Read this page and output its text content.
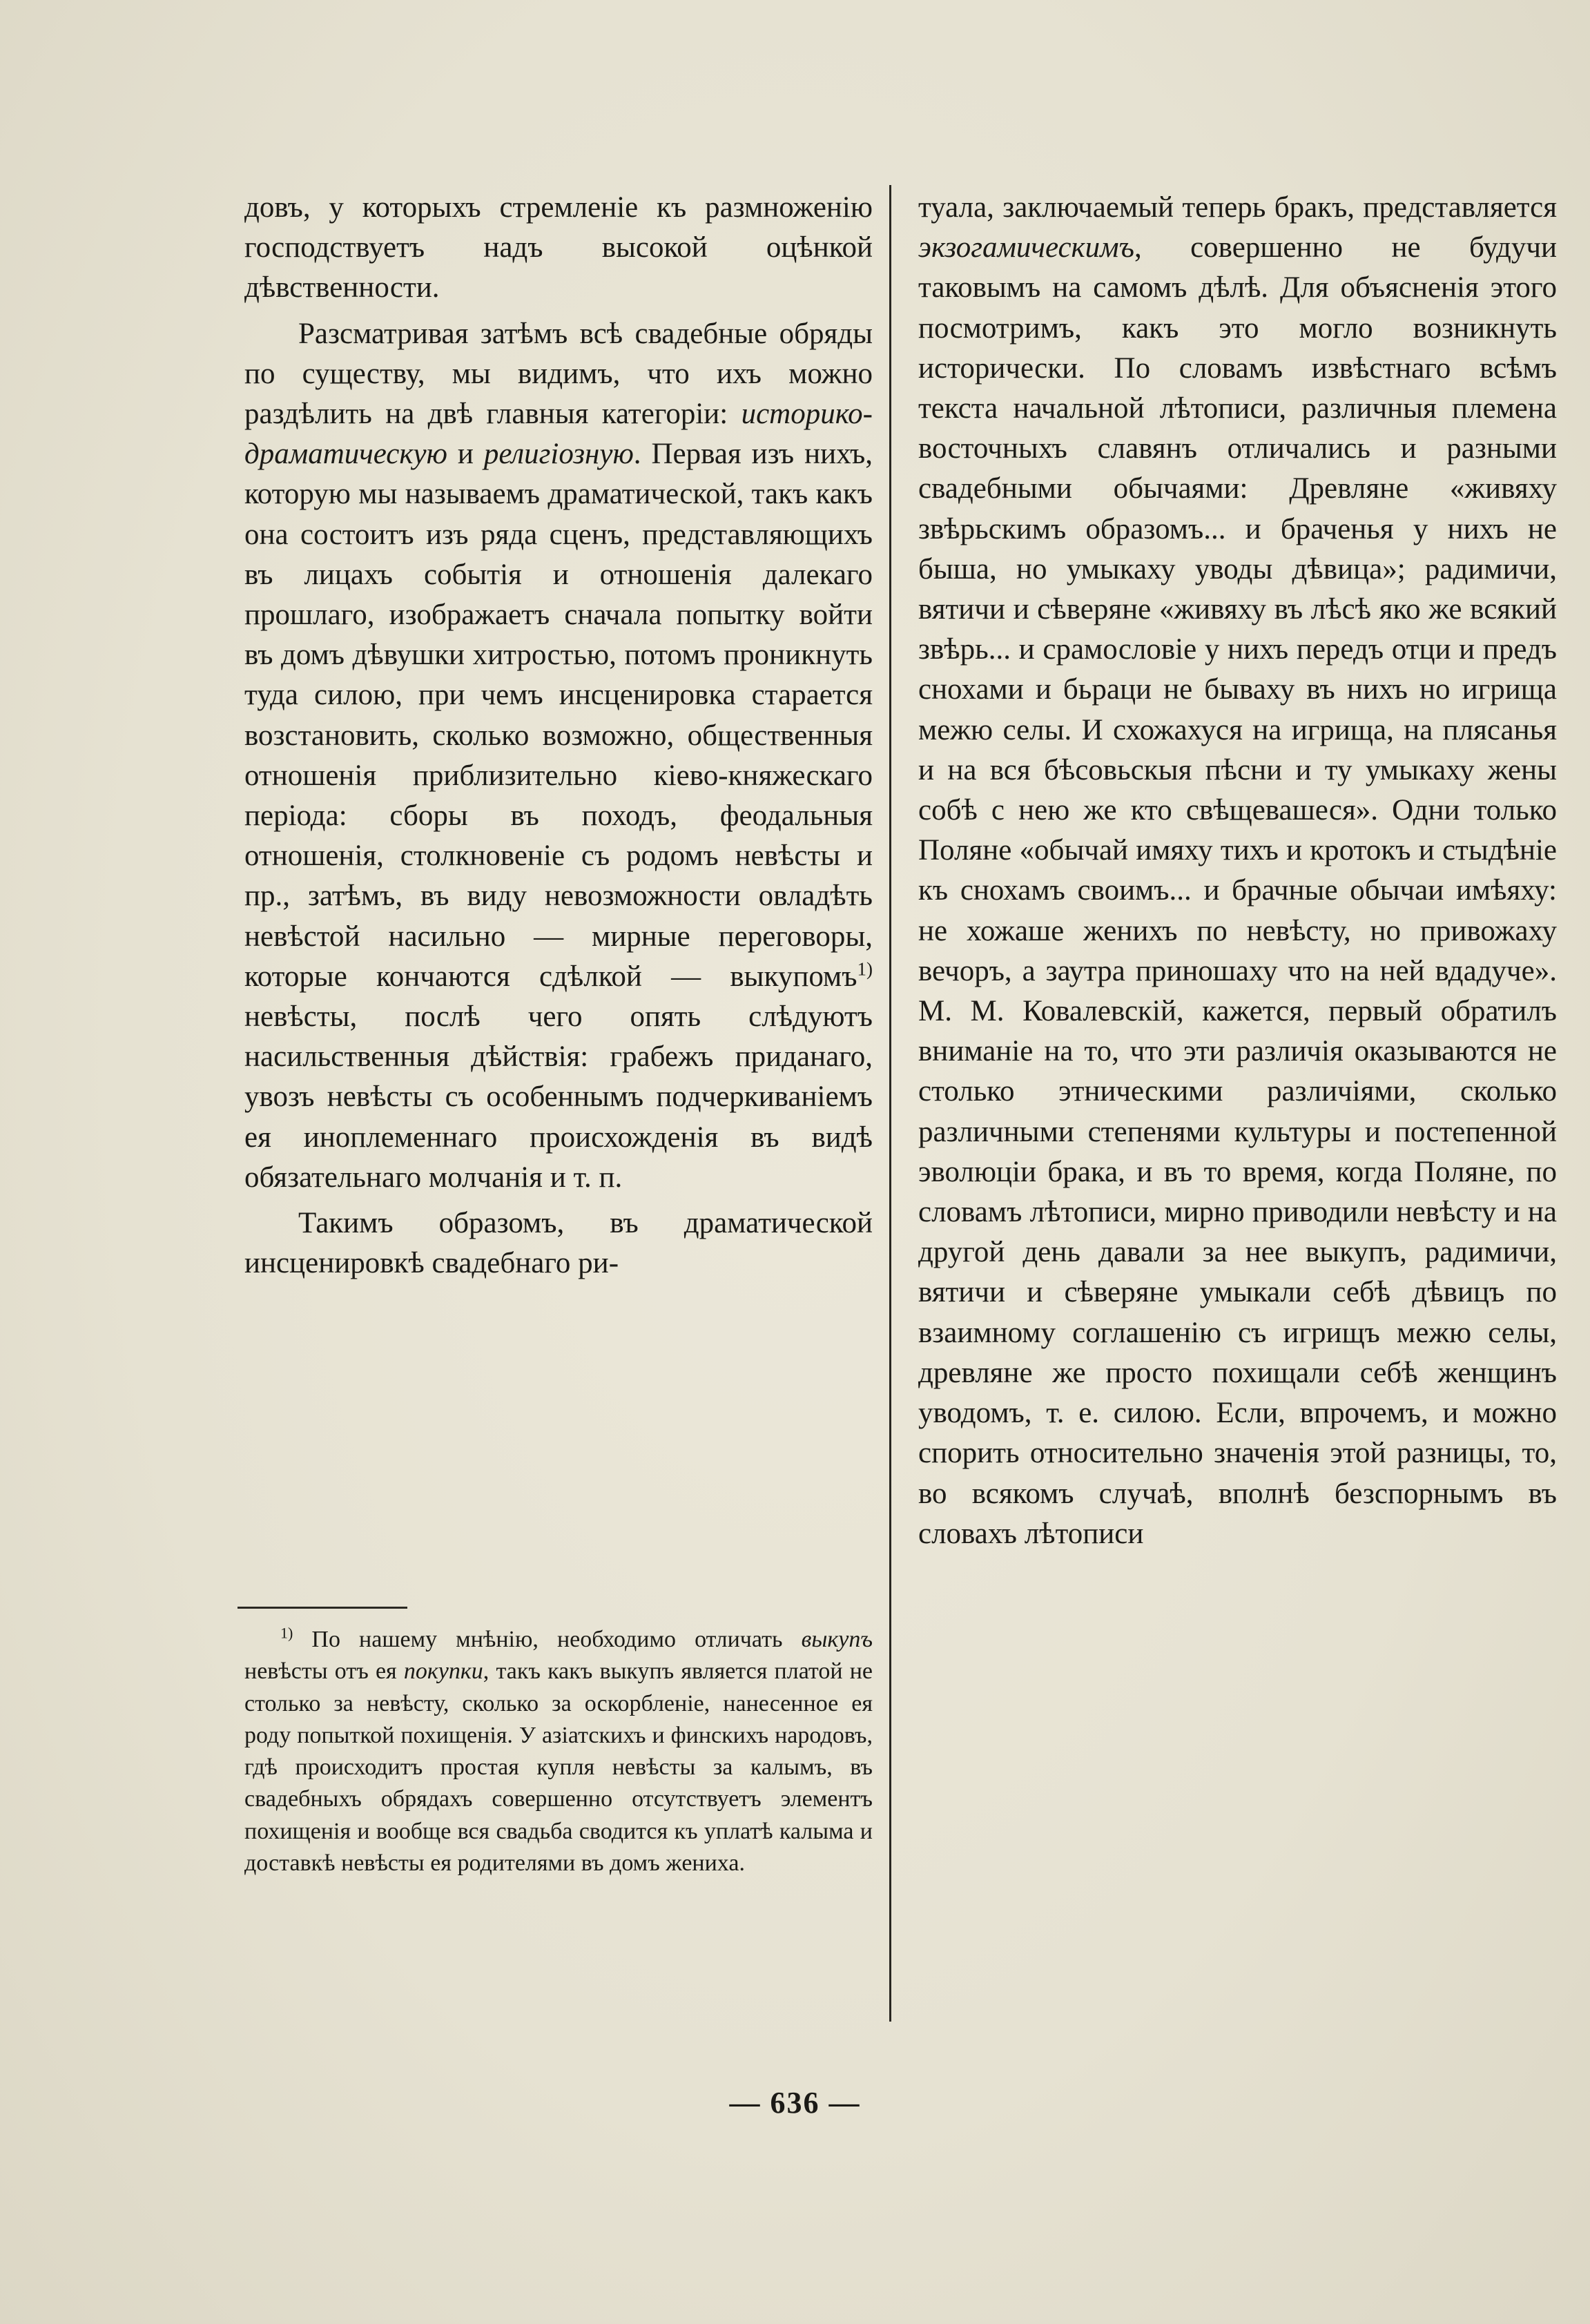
довъ, у которыхъ стремленіе къ размноженію господствуетъ надъ высокой оцѣнкой дѣвственности.

Разсматривая затѣмъ всѣ свадебные обряды по существу, мы видимъ, что ихъ можно раздѣлить на двѣ главныя категоріи: историко-драматическую и религіозную. Первая изъ нихъ, которую мы называемъ драматической, такъ какъ она состоитъ изъ ряда сценъ, представляющихъ въ лицахъ событія и отношенія далекаго прошлаго, изображаетъ сначала попытку войти въ домъ дѣвушки хитростью, потомъ проникнуть туда силою, при чемъ инсценировка старается возстановить, сколько возможно, общественныя отношенія приблизительно кіево-княжескаго періода: сборы въ походъ, феодальныя отношенія, столкновеніе съ родомъ невѣсты и пр., затѣмъ, въ виду невозможности овладѣть невѣстой насильно — мирные переговоры, которые кончаются сдѣлкой — выкупомъ$^{1)}$ невѣсты, послѣ чего опять слѣдуютъ насильственныя дѣйствія: грабежъ приданаго, увозъ невѣсты съ особеннымъ подчеркиваніемъ ея иноплеменнаго происхожденія въ видѣ обязательнаго молчанія и т. п.

Такимъ образомъ, въ драматической инсценировкѣ свадебнаго ри-

туала, заключаемый теперь бракъ, представляется экзогамическимъ, совершенно не будучи таковымъ на самомъ дѣлѣ. Для объясненія этого посмотримъ, какъ это могло возникнуть исторически. По словамъ извѣстнаго всѣмъ текста начальной лѣтописи, различныя племена восточныхъ славянъ отличались и разными свадебными обычаями: Древляне «живяху звѣрьскимъ образомъ... и браченья у нихъ не быша, но умыкаху уводы дѣвица»; радимичи, вятичи и сѣверяне «живяху въ лѣсѣ яко же всякий звѣрь... и срамословіе у нихъ передъ отци и предъ снохами и бьраци не бываху въ нихъ но игрища межю селы. И схожахуся на игрища, на плясанья и на вся бѣсовьскыя пѣсни и ту умыкаху жены собѣ с нею же кто свѣщевашеся». Одни только Поляне «обычай имяху тихъ и кротокъ и стыдѣніе къ снохамъ своимъ... и брачные обычаи имѣяху: не хожаше женихъ по невѣсту, но привожаху вечоръ, а заутра приношаху что на ней вдадуче». М. М. Ковалевскій, кажется, первый обратилъ вниманіе на то, что эти различія оказываются не столько этническими различіями, сколько различными степенями культуры и постепенной эволюціи брака, и въ то время, когда Поляне, по словамъ лѣтописи, мирно приводили невѣсту и на другой день давали за нее выкупъ, радимичи, вятичи и сѣверяне умыкали себѣ дѣвицъ по взаимному соглашенію съ игрищъ межю селы, древляне же просто похищали себѣ женщинъ уводомъ, т. е. силою. Если, впрочемъ, и можно спорить относительно значенія этой разницы, то, во всякомъ случаѣ, вполнѣ безспорнымъ въ словахъ лѣтописи

$^{1)}$ По нашему мнѣнію, необходимо отличать выкупъ невѣсты отъ ея покупки, такъ какъ выкупъ является платой не столько за невѣсту, сколько за оскорбленіе, нанесенное ея роду попыткой похищенія. У азіатскихъ и финскихъ народовъ, гдѣ происходитъ простая купля невѣсты за калымъ, въ свадебныхъ обрядахъ совершенно отсутствуетъ элементъ похищенія и вообще вся свадьба сводится къ уплатѣ калыма и доставкѣ невѣсты ея родителями въ домъ жениха.

— 636 —
